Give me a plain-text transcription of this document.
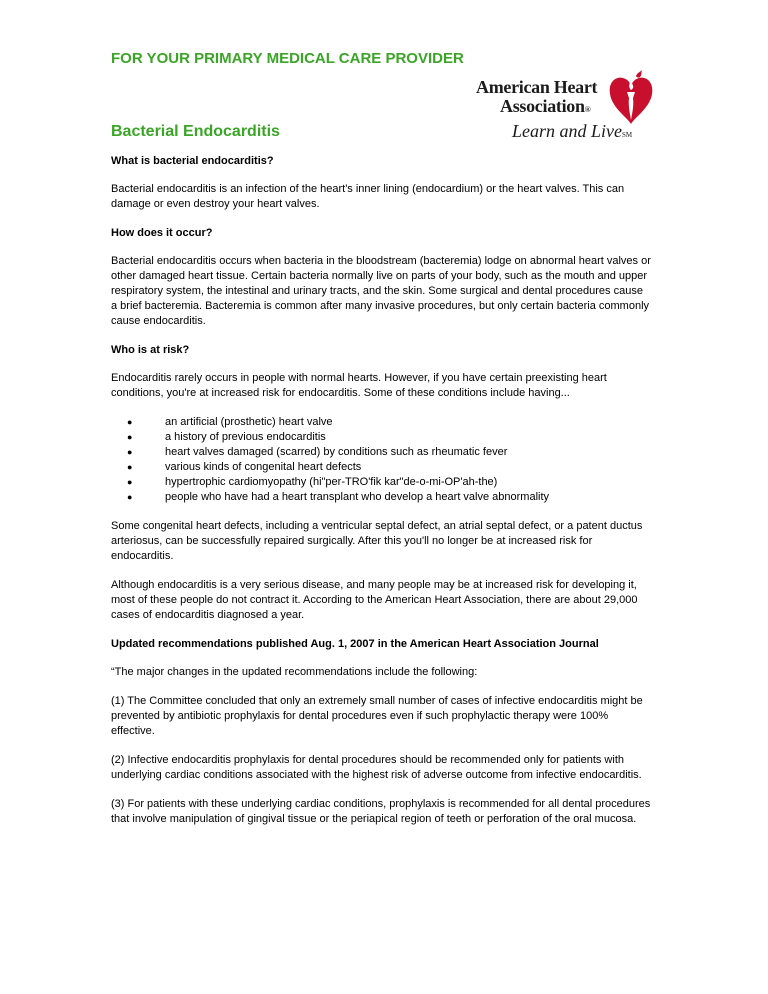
FOR YOUR PRIMARY MEDICAL CARE PROVIDER
American Heart
Association®
Learn and LiveSM
Bacterial Endocarditis

What is bacterial endocarditis?

Bacterial endocarditis is an infection of the heart's inner lining (endocardium) or the heart valves. This can damage or even destroy your heart valves.

How does it occur?

Bacterial endocarditis occurs when bacteria in the bloodstream (bacteremia) lodge on abnormal heart valves or other damaged heart tissue. Certain bacteria normally live on parts of your body, such as the mouth and upper respiratory system, the intestinal and urinary tracts, and the skin. Some surgical and dental procedures cause a brief bacteremia. Bacteremia is common after many invasive procedures, but only certain bacteria commonly cause endocarditis.

Who is at risk?

Endocarditis rarely occurs in people with normal hearts. However, if you have certain preexisting heart conditions, you're at increased risk for endocarditis. Some of these conditions include having...

●	an artificial (prosthetic) heart valve
●	a history of previous endocarditis
●	heart valves damaged (scarred) by conditions such as rheumatic fever
●	various kinds of congenital heart defects
●	hypertrophic cardiomyopathy (hi"per-TRO'fik kar"de-o-mi-OP'ah-the)
●	people who have had a heart transplant who develop a heart valve abnormality

Some congenital heart defects, including a ventricular septal defect, an atrial septal defect, or a patent ductus arteriosus, can be successfully repaired surgically. After this you'll no longer be at increased risk for endocarditis.

Although endocarditis is a very serious disease, and many people may be at increased risk for developing it, most of these people do not contract it. According to the American Heart Association, there are about 29,000 cases of endocarditis diagnosed a year.

Updated recommendations published Aug. 1, 2007 in the American Heart Association Journal

“The major changes in the updated recommendations include the following:

(1) The Committee concluded that only an extremely small number of cases of infective endocarditis might be prevented by antibiotic prophylaxis for dental procedures even if such prophylactic therapy were 100% effective.

(2) Infective endocarditis prophylaxis for dental procedures should be recommended only for patients with underlying cardiac conditions associated with the highest risk of adverse outcome from infective endocarditis.

(3) For patients with these underlying cardiac conditions, prophylaxis is recommended for all dental procedures that involve manipulation of gingival tissue or the periapical region of teeth or perforation of the oral mucosa.
